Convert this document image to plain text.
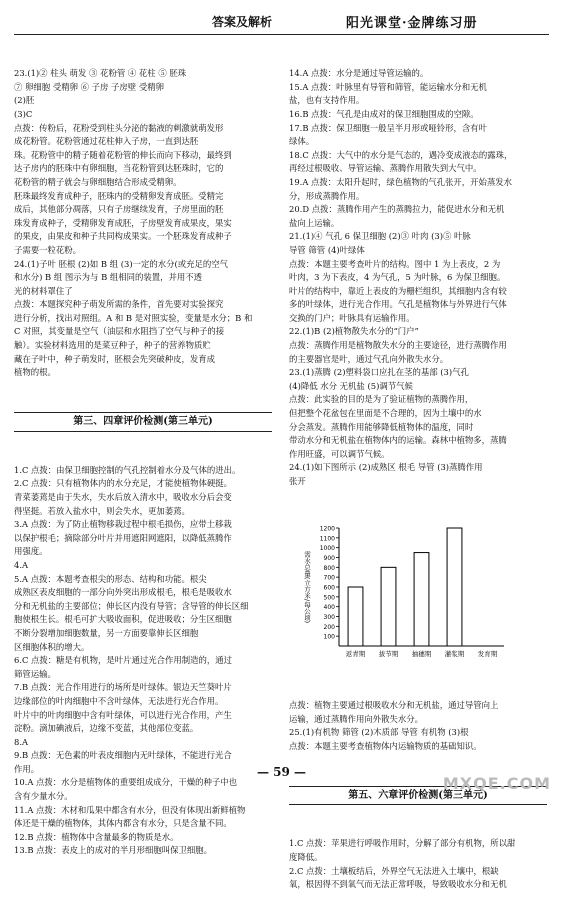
答案及解析	阳光课堂·金牌练习册

23.(1)② 柱头 萌发 ③ 花粉管 ④ 花柱 ⑤ 胚珠
⑦ 卵细胞 受精卵 ⑥ 子房 子房壁 受精卵
(2)胚
(3)C
点拨：传粉后，花粉受到柱头分泌的黏液的刺激就萌发形
成花粉管。花粉管通过花柱伸入子房，一直到达胚
珠。花粉管中的精子随着花粉管的伸长而向下移动，最终到
达子房内的胚珠中有卵细胞，当花粉管到达胚珠时，它的
花粉管的精子就会与卵细胞结合形成受精卵。
胚珠最终发育成种子，胚珠内的受精卵发育成胚。受精完
成后，其他部分凋落，只有子房继续发育，子房里面的胚
珠发育成种子，受精卵发育成胚，子房壁发育成果皮，果实
的果皮，由果皮和种子共同构成果实。一个胚珠发育成种子
子需要一粒花粉。
24.(1)子叶 胚根 (2)如 B 组 (3)一定的水分(或充足的空气
和水分) B 组 图示为与 B 组相同的装置，并用不透
光的材料罩住了
点拨：本题探究种子萌发所需的条件，首先要对实验探究
进行分析，找出对照组。A 和 B 是对照实验，变量是水分；B 和
C 对照，其变量是空气（油层和水阻挡了空气与种子的接
触）。实验材料选用的是菜豆种子，种子的营养物质贮
藏在子叶中，种子萌发时，胚根会先突破种皮，发育成
植物的根。

第三、四章评价检测(第三单元)

1.C 点拨：由保卫细胞控制的气孔控制着水分及气体的进出。
2.C 点拨：只有植物体内的水分充足，才能使植物体硬挺。
青菜萎蔫是由于失水，失水后放入清水中，吸收水分后会变
得坚挺。若放入盐水中，则会失水，更加萎蔫。
3.A 点拨：为了防止植物移栽过程中根毛损伤，应带土移栽
以保护根毛；摘除部分叶片并用遮阳网遮阳，以降低蒸腾作
用强度。
4.A
5.A 点拨：本题考查根尖的形态、结构和功能。根尖
成熟区表皮细胞的一部分向外突出形成根毛，根毛是吸收水
分和无机盐的主要部位；伸长区内没有导管；含导管的伸长区细
胞使根生长。根毛可扩大吸收面积，促进吸收；分生区细胞
不断分裂增加细胞数量，另一方面要靠伸长区细胞
区细胞体积的增大。
6.C 点拨：糖是有机物，是叶片通过光合作用制造的，通过
筛管运输。
7.B 点拨：光合作用进行的场所是叶绿体。银边天竺葵叶片
边缘部位的叶肉细胞中不含叶绿体，无法进行光合作用。
叶片中的叶肉细胞中含有叶绿体，可以进行光合作用，产生
淀粉。滴加碘液后，边缘不变蓝，其他部位变蓝。
8.A
9.B 点拨：无色素的叶表皮细胞内无叶绿体，不能进行光合
作用。
10.A 点拨：水分是植物体的重要组成成分，干燥的种子中也
含有少量水分。
11.A 点拨：木材和瓜果中都含有水分，但没有体现出新鲜植物
体还是干燥的植物体，其体内都含有水分，只是含量不同。
12.B 点拨：植物体中含量最多的物质是水。
13.B 点拨：表皮上的成对的半月形细胞叫保卫细胞。

14.A 点拨：水分是通过导管运输的。
15.A 点拨：叶脉里有导管和筛管，能运输水分和无机
盐，也有支持作用。
16.B 点拨：气孔是由成对的保卫细胞围成的空隙。
17.B 点拨：保卫细胞一般呈半月形或哑铃形，含有叶
绿体。
18.C 点拨：大气中的水分是气态的，遇冷变成液态的露珠，
再经过根吸收、导管运输、蒸腾作用散失到大气中。
19.A 点拨：太阳升起时，绿色植物的气孔张开，开始蒸发水
分，形成蒸腾作用。
20.D 点拨：蒸腾作用产生的蒸腾拉力，能促进水分和无机
盐向上运输。
21.(1)④ 气孔 6 保卫细胞 (2)③ 叶肉 (3)⑤ 叶脉
导管 筛管 (4)叶绿体
点拨：本题主要考查叶片的结构。图中 1 为上表皮，2 为
叶肉，3 为下表皮，4 为气孔，5 为叶脉，6 为保卫细胞。
叶片的结构中，靠近上表皮的为栅栏组织，其细胞内含有较
多的叶绿体，进行光合作用。气孔是植物体与外界进行气体
交换的门户；叶脉具有运输作用。
22.(1)B (2)植物散失水分的“门户”
点拨：蒸腾作用是植物散失水分的主要途径，进行蒸腾作用
的主要器官是叶，通过气孔向外散失水分。
23.(1)蒸腾 (2)塑料袋口应扎在茎的基部 (3)气孔
(4)降低 水分 无机盐 (5)调节气候
点拨：此实验的目的是为了验证植物的蒸腾作用，
但把整个花盆包在里面是不合理的，因为土壤中的水
分会蒸发。蒸腾作用能够降低植物体的温度，同时
带动水分和无机盐在植物体内的运输。森林中植物多，蒸腾
作用旺盛，可以调节气候。
24.(1)如下图所示 (2)成熟区 根毛 导管 (3)蒸腾作用
张开

100
200
300
400
500
600
700
800
900
1000
1100
1200
需水总量(立方米/每公顷)
返青期 拔节期 抽穗期 灌浆期 发育期

点拨：植物主要通过根吸收水分和无机盐，通过导管向上
运输，通过蒸腾作用向外散失水分。
25.(1)有机物 筛管 (2)木质部 导管 有机物 (3)根
点拨：本题主要考查植物体内运输物质的基础知识。

第五、六章评价检测(第三单元)

1.C 点拨：苹果进行呼吸作用时，分解了部分有机物，所以甜
度降低。
2.C 点拨：土壤板结后，外界空气无法进入土壤中，根缺
氧，根因得不到氧气而无法正常呼吸，导致吸收水分和无机

— 59 —
MXQE.COM
